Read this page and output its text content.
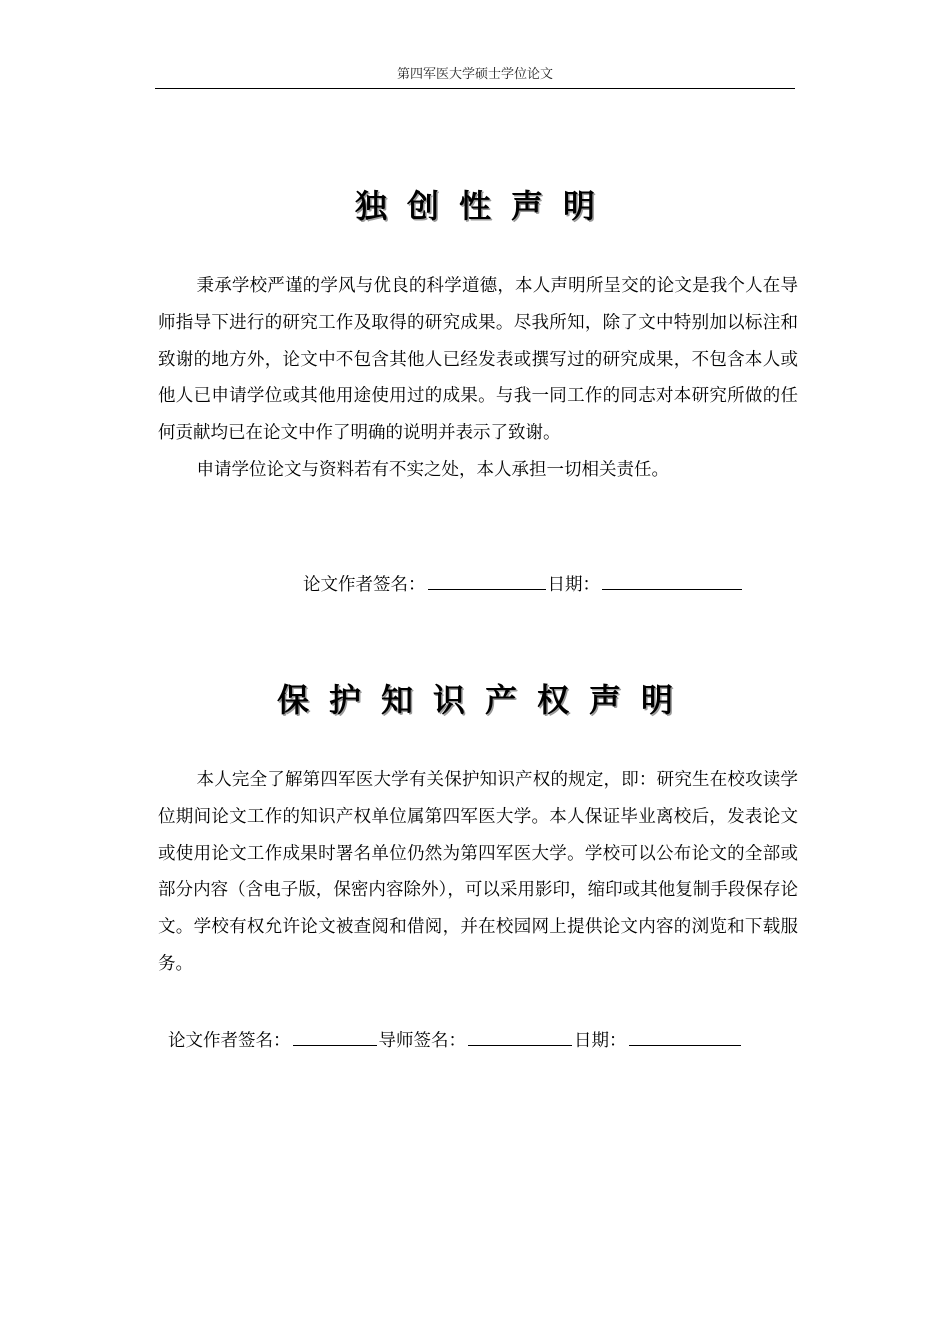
第四军医大学硕士学位论文
独创性声明

秉承学校严谨的学风与优良的科学道德，本人声明所呈交的论文是我个人在导师指导下进行的研究工作及取得的研究成果。尽我所知，除了文中特别加以标注和致谢的地方外，论文中不包含其他人已经发表或撰写过的研究成果，不包含本人或他人已申请学位或其他用途使用过的成果。与我一同工作的同志对本研究所做的任何贡献均已在论文中作了明确的说明并表示了致谢。

申请学位论文与资料若有不实之处，本人承担一切相关责任。

论文作者签名：	日期：
保护知识产权声明

本人完全了解第四军医大学有关保护知识产权的规定，即：研究生在校攻读学位期间论文工作的知识产权单位属第四军医大学。本人保证毕业离校后，发表论文或使用论文工作成果时署名单位仍然为第四军医大学。学校可以公布论文的全部或部分内容（含电子版，保密内容除外），可以采用影印，缩印或其他复制手段保存论文。学校有权允许论文被查阅和借阅，并在校园网上提供论文内容的浏览和下载服务。

论文作者签名：	导师签名：	日期：
